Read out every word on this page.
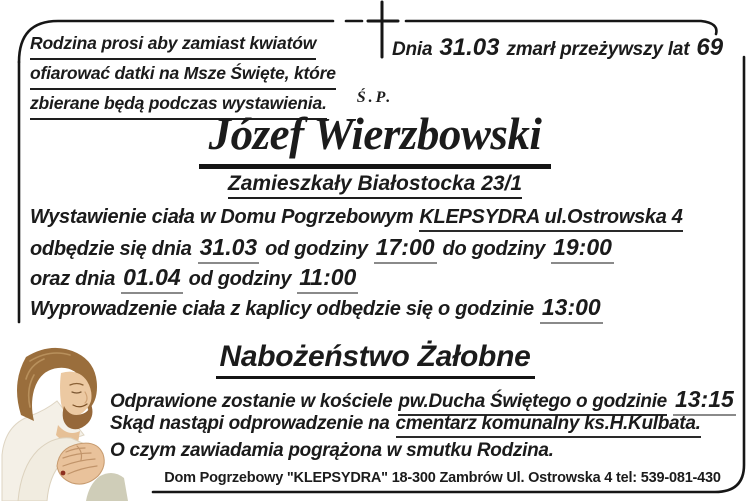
Rodzina prosi aby zamiast kwiatów
ofiarować datki na Msze Święte, które
zbierane będą podczas wystawienia.
Dnia 31.03 zmarł przeżywszy lat 69
Ś.P.
Józef Wierzbowski
Zamieszkały Białostocka 23/1
Wystawienie ciała w Domu Pogrzebowym KLEPSYDRA ul.Ostrowska 4
odbędzie się dnia 31.03 od godziny 17:00 do godziny 19:00
oraz dnia 01.04 od godziny 11:00
Wyprowadzenie ciała z kaplicy odbędzie się o godzinie 13:00
Nabożeństwo Żałobne
Odprawione zostanie w kościele pw.Ducha Świętego o godzinie 13:15
Skąd nastąpi odprowadzenie na cmentarz komunalny ks.H.Kulbata.
O czym zawiadamia pogrążona w smutku Rodzina.
Dom Pogrzebowy "KLEPSYDRA" 18-300 Zambrów Ul. Ostrowska 4 tel: 539-081-430
